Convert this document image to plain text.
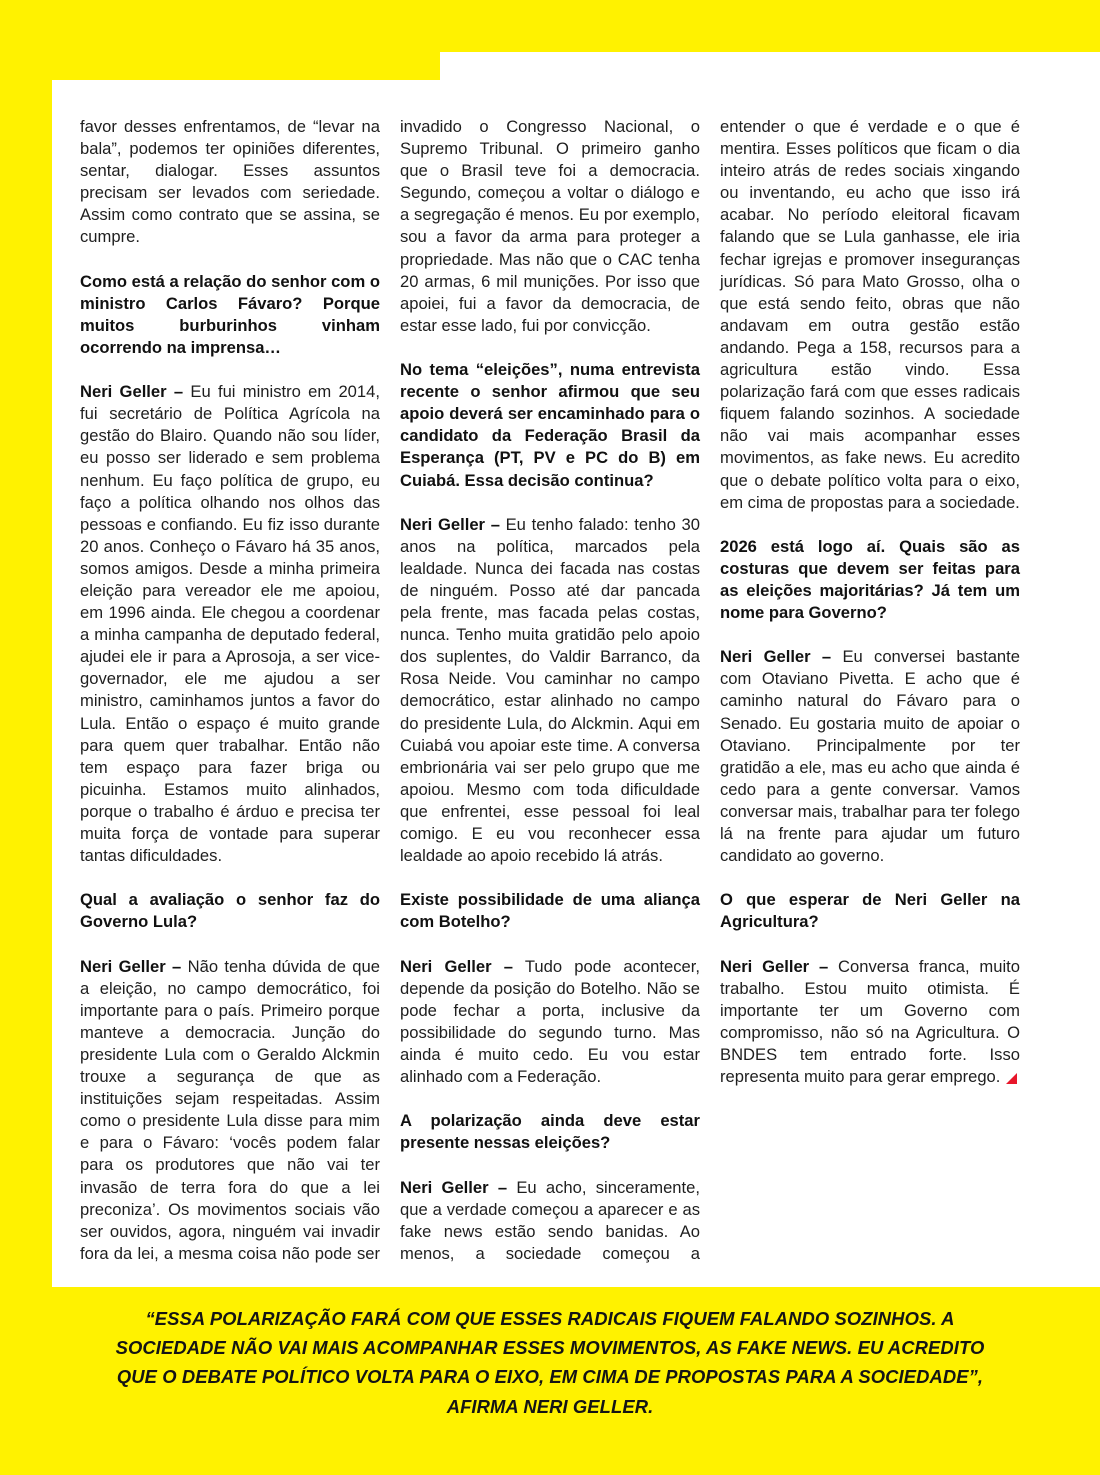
favor desses enfrentamos, de “levar na bala”, podemos ter opiniões diferentes, sentar, dialogar. Esses assuntos precisam ser levados com seriedade. Assim como contrato que se assina, se cumpre.

Como está a relação do senhor com o ministro Carlos Fávaro? Porque muitos burburinhos vinham ocorrendo na imprensa…

Neri Geller – Eu fui ministro em 2014, fui secretário de Política Agrícola na gestão do Blairo. Quando não sou líder, eu posso ser liderado e sem problema nenhum. Eu faço política de grupo, eu faço a política olhando nos olhos das pessoas e confiando. Eu fiz isso durante 20 anos. Conheço o Fávaro há 35 anos, somos amigos. Desde a minha primeira eleição para vereador ele me apoiou, em 1996 ainda. Ele chegou a coordenar a minha campanha de deputado federal, ajudei ele ir para a Aprosoja, a ser vice-governador, ele me ajudou a ser ministro, caminhamos juntos a favor do Lula. Então o espaço é muito grande para quem quer trabalhar. Então não tem espaço para fazer briga ou picuinha. Estamos muito alinhados, porque o trabalho é árduo e precisa ter muita força de vontade para superar tantas dificuldades.

Qual a avaliação o senhor faz do Governo Lula?

Neri Geller – Não tenha dúvida de que a eleição, no campo democrático, foi importante para o país. Primeiro porque manteve a democracia. Junção do presidente Lula com o Geraldo Alckmin trouxe a segurança de que as instituições sejam respeitadas. Assim como o presidente Lula disse para mim e para o Fávaro: ‘vocês podem falar para os produtores que não vai ter invasão de terra fora do que a lei preconiza’. Os movimentos sociais vão ser ouvidos, agora, ninguém vai invadir fora da lei, a mesma coisa não pode ser invadido o Congresso Nacional, o Supremo Tribunal. O primeiro ganho que o Brasil teve foi a democracia. Segundo, começou a voltar o diálogo e a segregação é menos. Eu por exemplo, sou a favor da arma para proteger a propriedade. Mas não que o CAC tenha 20 armas, 6 mil munições. Por isso que apoiei, fui a favor da democracia, de estar esse lado, fui por convicção.

No tema “eleições”, numa entrevista recente o senhor afirmou que seu apoio deverá ser encaminhado para o candidato da Federação Brasil da Esperança (PT, PV e PC do B) em Cuiabá. Essa decisão continua?

Neri Geller – Eu tenho falado: tenho 30 anos na política, marcados pela lealdade. Nunca dei facada nas costas de ninguém. Posso até dar pancada pela frente, mas facada pelas costas, nunca. Tenho muita gratidão pelo apoio dos suplentes, do Valdir Barranco, da Rosa Neide. Vou caminhar no campo democrático, estar alinhado no campo do presidente Lula, do Alckmin. Aqui em Cuiabá vou apoiar este time. A conversa embrionária vai ser pelo grupo que me apoiou. Mesmo com toda dificuldade que enfrentei, esse pessoal foi leal comigo. E eu vou reconhecer essa lealdade ao apoio recebido lá atrás.

Existe possibilidade de uma aliança com Botelho?

Neri Geller – Tudo pode acontecer, depende da posição do Botelho. Não se pode fechar a porta, inclusive da possibilidade do segundo turno. Mas ainda é muito cedo. Eu vou estar alinhado com a Federação.

A polarização ainda deve estar presente nessas eleições?

Neri Geller – Eu acho, sinceramente, que a verdade começou a aparecer e as fake news estão sendo banidas. Ao menos, a sociedade começou a entender o que é verdade e o que é mentira. Esses políticos que ficam o dia inteiro atrás de redes sociais xingando ou inventando, eu acho que isso irá acabar. No período eleitoral ficavam falando que se Lula ganhasse, ele iria fechar igrejas e promover inseguranças jurídicas. Só para Mato Grosso, olha o que está sendo feito, obras que não andavam em outra gestão estão andando. Pega a 158, recursos para a agricultura estão vindo. Essa polarização fará com que esses radicais fiquem falando sozinhos. A sociedade não vai mais acompanhar esses movimentos, as fake news. Eu acredito que o debate político volta para o eixo, em cima de propostas para a sociedade.

2026 está logo aí. Quais são as costuras que devem ser feitas para as eleições majoritárias? Já tem um nome para Governo?

Neri Geller – Eu conversei bastante com Otaviano Pivetta. E acho que é caminho natural do Fávaro para o Senado. Eu gostaria muito de apoiar o Otaviano. Principalmente por ter gratidão a ele, mas eu acho que ainda é cedo para a gente conversar. Vamos conversar mais, trabalhar para ter folego lá na frente para ajudar um futuro candidato ao governo.

O que esperar de Neri Geller na Agricultura?

Neri Geller – Conversa franca, muito trabalho. Estou muito otimista. É importante ter um Governo com compromisso, não só na Agricultura. O BNDES tem entrado forte. Isso representa muito para gerar emprego.

“ESSA POLARIZAÇÃO FARÁ COM QUE ESSES RADICAIS FIQUEM FALANDO SOZINHOS. A
SOCIEDADE NÃO VAI MAIS ACOMPANHAR ESSES MOVIMENTOS, AS FAKE NEWS. EU ACREDITO
QUE O DEBATE POLÍTICO VOLTA PARA O EIXO, EM CIMA DE PROPOSTAS PARA A SOCIEDADE”,
AFIRMA NERI GELLER.
